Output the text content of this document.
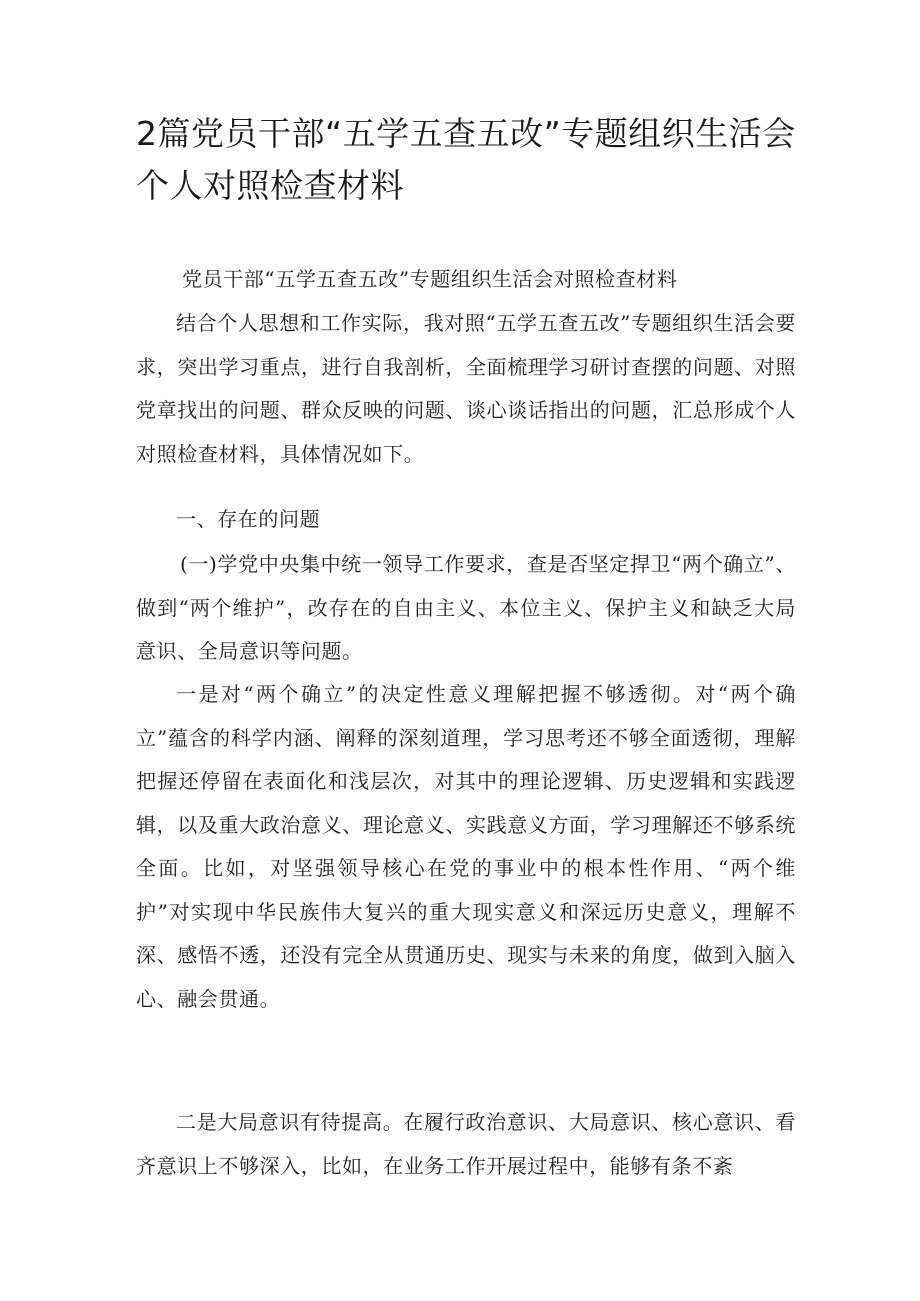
2篇党员干部“五学五查五改”专题组织生活会个人对照检查材料

党员干部“五学五查五改”专题组织生活会对照检查材料

结合个人思想和工作实际，我对照“五学五查五改”专题组织生活会要求，突出学习重点，进行自我剖析，全面梳理学习研讨查摆的问题、对照党章找出的问题、群众反映的问题、谈心谈话指出的问题，汇总形成个人对照检查材料，具体情况如下。

一、存在的问题

(一)学党中央集中统一领导工作要求，查是否坚定捍卫“两个确立”、做到“两个维护”，改存在的自由主义、本位主义、保护主义和缺乏大局意识、全局意识等问题。

一是对“两个确立”的决定性意义理解把握不够透彻。对“两个确立”蕴含的科学内涵、阐释的深刻道理，学习思考还不够全面透彻，理解把握还停留在表面化和浅层次，对其中的理论逻辑、历史逻辑和实践逻辑，以及重大政治意义、理论意义、实践意义方面，学习理解还不够系统全面。比如，对坚强领导核心在党的事业中的根本性作用、“两个维护”对实现中华民族伟大复兴的重大现实意义和深远历史意义，理解不深、感悟不透，还没有完全从贯通历史、现实与未来的角度，做到入脑入心、融会贯通。

二是大局意识有待提高。在履行政治意识、大局意识、核心意识、看齐意识上不够深入，比如，在业务工作开展过程中，能够有条不紊
